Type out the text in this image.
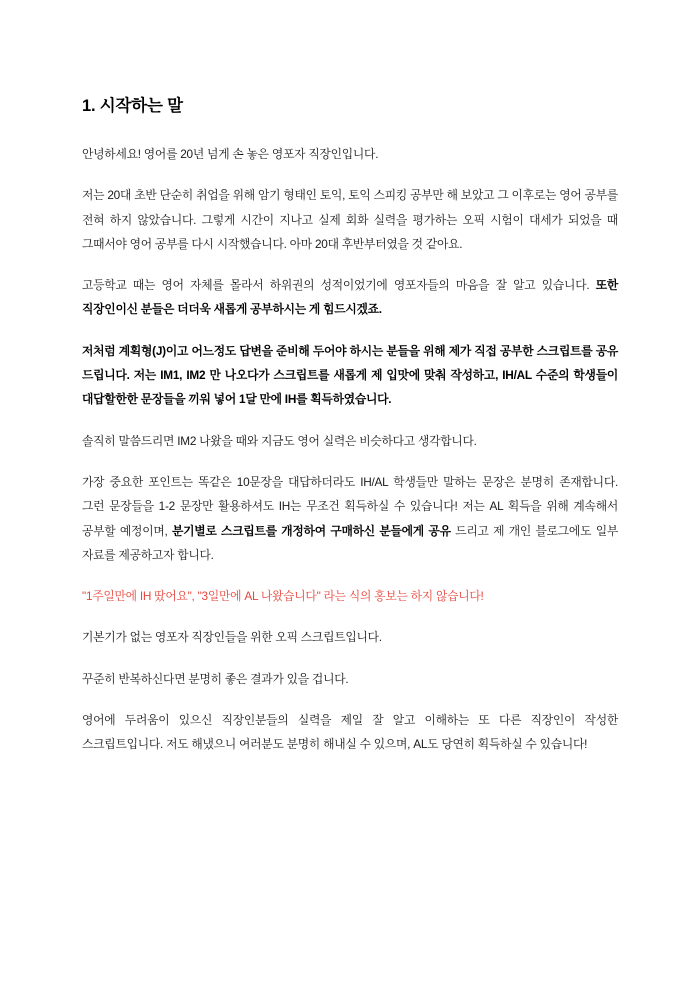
1. 시작하는 말

안녕하세요! 영어를 20년 넘게 손 놓은 영포자 직장인입니다.

저는 20대 초반 단순히 취업을 위해 암기 형태인 토익, 토익 스피킹 공부만 해 보았고 그 이후로는 영어 공부를 전혀 하지 않았습니다. 그렇게 시간이 지나고 실제 회화 실력을 평가하는 오픽 시험이 대세가 되었을 때 그때서야 영어 공부를 다시 시작했습니다. 아마 20대 후반부터였을 것 같아요.

고등학교 때는 영어 자체를 몰라서 하위권의 성적이었기에 영포자들의 마음을 잘 알고 있습니다. 또한 직장인이신 분들은 더더욱 새롭게 공부하시는 게 힘드시겠죠.

저처럼 계획형(J)이고 어느정도 답변을 준비해 두어야 하시는 분들을 위해 제가 직접 공부한 스크립트를 공유 드립니다. 저는 IM1, IM2 만 나오다가 스크립트를 새롭게 제 입맛에 맞춰 작성하고, IH/AL 수준의 학생들이 대답할한한 문장들을 끼워 넣어 1달 만에 IH를 획득하였습니다.

솔직히 말씀드리면 IM2 나왔을 때와 지금도 영어 실력은 비슷하다고 생각합니다.

가장 중요한 포인트는 똑같은 10문장을 대답하더라도 IH/AL 학생들만 말하는 문장은 분명히 존재합니다. 그런 문장들을 1-2 문장만 활용하셔도 IH는 무조건 획득하실 수 있습니다! 저는 AL 획득을 위해 계속해서 공부할 예정이며, 분기별로 스크립트를 개정하여 구매하신 분들에게 공유 드리고 제 개인 블로그에도 일부 자료를 제공하고자 합니다.

"1주일만에 IH 땄어요", "3일만에 AL 나왔습니다" 라는 식의 홍보는 하지 않습니다!

기본기가 없는 영포자 직장인들을 위한 오픽 스크립트입니다.

꾸준히 반복하신다면 분명히 좋은 결과가 있을 겁니다.

영어에 두려움이 있으신 직장인분들의 실력을 제일 잘 알고 이해하는 또 다른 직장인이 작성한 스크립트입니다. 저도 해냈으니 여러분도 분명히 해내실 수 있으며, AL도 당연히 획득하실 수 있습니다!
